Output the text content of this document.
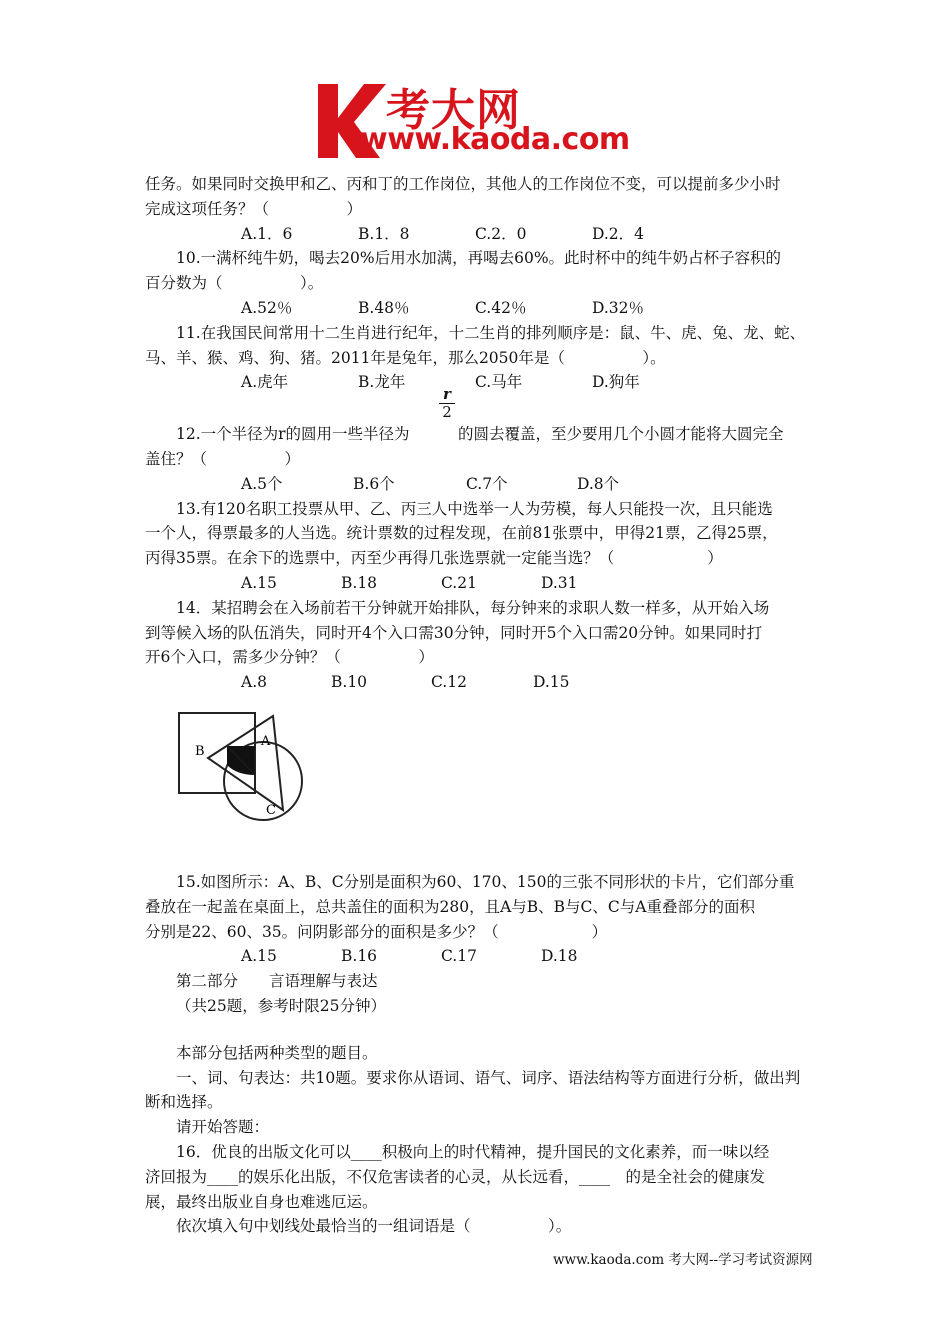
考大网
www.kaoda.com

任务。如果同时交换甲和乙、丙和丁的工作岗位，其他人的工作岗位不变，可以提前多少小时

完成这项任务？（　　　　　）

A.1．6	B.1．8	C.2．0	D.2．4

10.一满杯纯牛奶，喝去20%后用水加满，再喝去60%。此时杯中的纯牛奶占杯子容积的

百分数为（　　　　　）。

A.52％	B.48％	C.42％	D.32％

11.在我国民间常用十二生肖进行纪年，十二生肖的排列顺序是：鼠、牛、虎、兔、龙、蛇、

马、羊、猴、鸡、狗、猪。2011年是兔年，那么2050年是（　　　　　）。

A.虎年	B.龙年	C.马年	D.狗年
$\frac{r}{2}$
12.一个半径为r的圆用一些半径为	的圆去覆盖，至少要用几个小圆才能将大圆完全

盖住？（　　　　　）

A.5个	B.6个	C.7个	D.8个

13.有120名职工投票从甲、乙、丙三人中选举一人为劳模，每人只能投一次，且只能选

一个人，得票最多的人当选。统计票数的过程发现，在前81张票中，甲得21票，乙得25票，

丙得35票。在余下的选票中，丙至少再得几张选票就一定能当选？（　　　　　　）

A.15	B.18	C.21	D.31

14．某招聘会在入场前若干分钟就开始排队，每分钟来的求职人数一样多，从开始入场

到等候入场的队伍消失，同时开4个入口需30分钟，同时开5个入口需20分钟。如果同时打

开6个入口，需多少分钟？（　　　　　）

A.8	B.10	C.12	D.15
B
A
C

15.如图所示：A、B、C分别是面积为60、170、150的三张不同形状的卡片，它们部分重

叠放在一起盖在桌面上，总共盖住的面积为280，且A与B、B与C、C与A重叠部分的面积

分别是22、60、35。问阴影部分的面积是多少？（　　　　　　）

A.15	B.16	C.17	D.18

第二部分　　言语理解与表达

（共25题，参考时限25分钟）

本部分包括两种类型的题目。

一、词、句表达：共10题。要求你从语词、语气、词序、语法结构等方面进行分析，做出判

断和选择。

请开始答题：

16．优良的出版文化可以____积极向上的时代精神，提升国民的文化素养，而一味以经

济回报为____的娱乐化出版，不仅危害读者的心灵，从长远看，____　的是全社会的健康发

展，最终出版业自身也难逃厄运。

依次填入句中划线处最恰当的一组词语是（　　　　　）。

www.kaoda.com 考大网--学习考试资源网
